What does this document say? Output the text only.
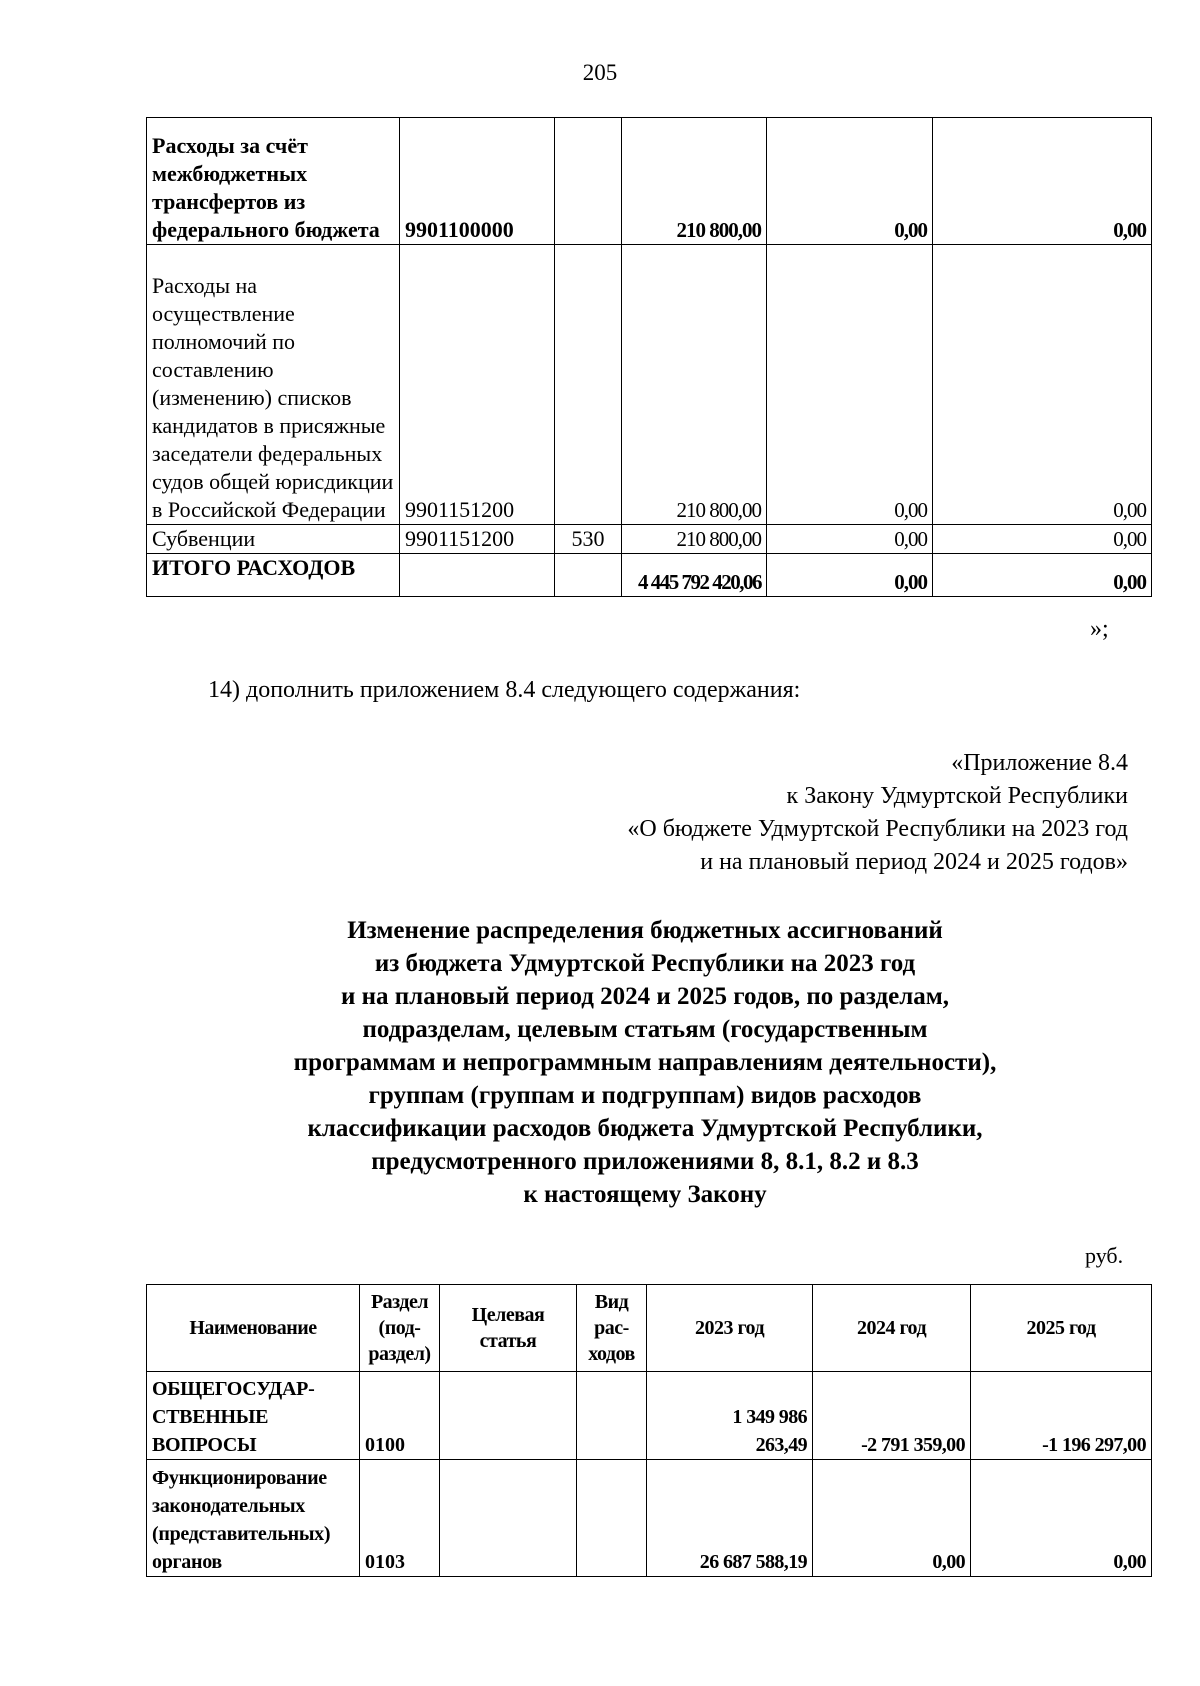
205
Расходы за счёт межбюджетных трансфертов из федерального бюджета	9901100000		210 800,00	0,00	0,00
Расходы на осуществление полномочий по составлению (изменению) списков кандидатов в присяжные заседатели федеральных судов общей юрисдикции в Российской Федерации	9901151200		210 800,00	0,00	0,00
Субвенции	9901151200	530	210 800,00	0,00	0,00
ИТОГО РАСХОДОВ			4 445 792 420,06	0,00	0,00
»;
14) дополнить приложением 8.4 следующего содержания:
«Приложение 8.4
к Закону Удмуртской Республики
«О бюджете Удмуртской Республики на 2023 год
и на плановый период 2024 и 2025 годов»
Изменение распределения бюджетных ассигнований
из бюджета Удмуртской Республики на 2023 год
и на плановый период 2024 и 2025 годов, по разделам,
подразделам, целевым статьям (государственным
программам и непрограммным направлениям деятельности),
группам (группам и подгруппам) видов расходов
классификации расходов бюджета Удмуртской Республики,
предусмотренного приложениями 8, 8.1, 8.2 и 8.3
к настоящему Закону
руб.
Наименование	Раздел (под-раздел)	Целевая статья	Вид рас-ходов	2023 год	2024 год	2025 год
ОБЩЕГОСУДАР-СТВЕННЫЕ ВОПРОСЫ	0100			1 349 986 263,49	-2 791 359,00	-1 196 297,00
Функционирование законодательных (представительных) органов	0103			26 687 588,19	0,00	0,00
